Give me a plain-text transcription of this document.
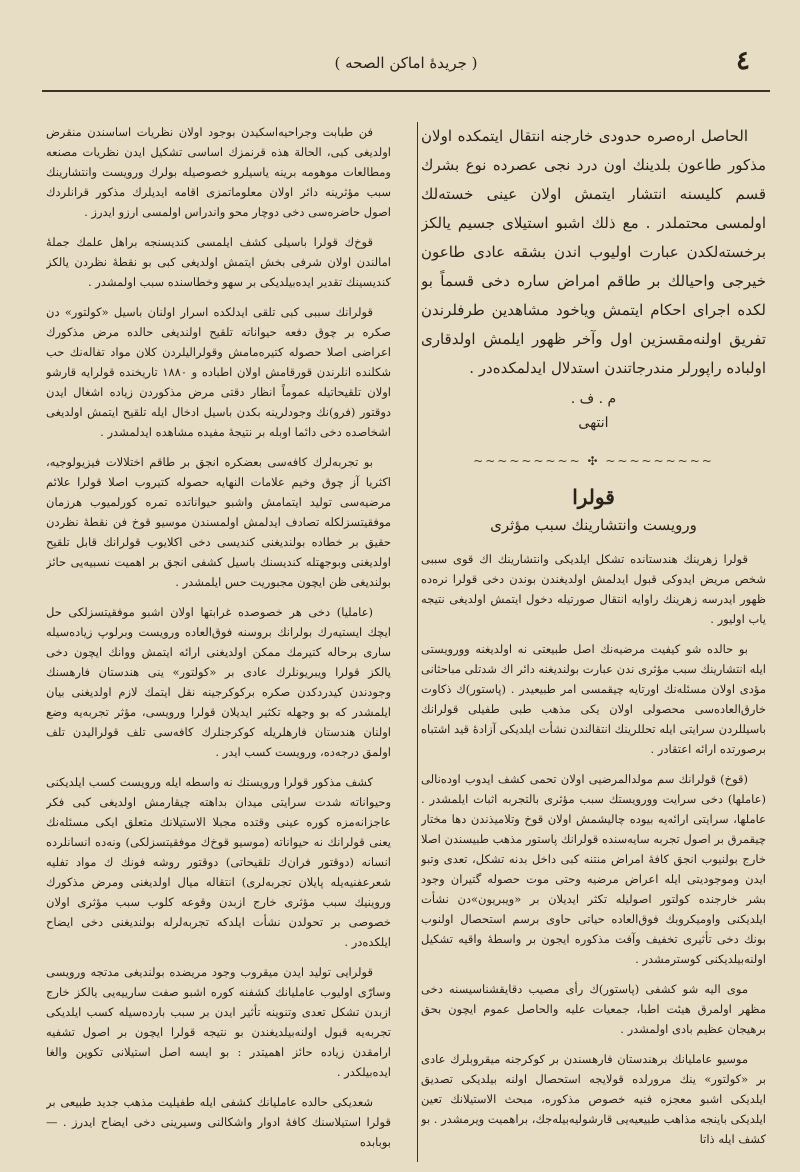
( جريدهٔ اماكن الصحه )	٤

الحاصل اره‌صره حدودی خارجنه انتقال ایتمکده اولان مذکور طاعون بلدینك اون درد نجی عصرده نوع بشرك قسم کلیسنه انتشار ایتمش اولان عینی خسته‌لك اولمسی محتملدر . مع ذلك اشبو استیلای جسیم یالکز برخسته‌لکدن عبارت اولیوب اندن بشقه عادی طاعون خیرجی واحیالك بر طاقم امراض ساره دخی قسماً بو لکده اجرای احکام ایتمش ویاخود مشاهدین طرفلرندن تفریق اولنه‌مقسزین اول وآخر ظهور ایلمش اولدقاری اولباده راپورلر مندرجاتندن استدلال ایدلمکده‌در .

م . ف .
انتهی
~~~~~~~~~ ✣ ~~~~~~~~~
قولرا
ورویست وانتشارینك سبب مؤثری

قولرا زهرینك هندستانده تشکل ایلدیکی وانتشارینك اك قوی سببی شخص مریض ایدوکی قبول ایدلمش اولدیغندن بوندن دخی قولرا نره‌ده ظهور ایدرسه زهرینك راوایه انتقال صورتیله دخول ایتمش اولدیغی نتیجه یاب اولیور .

بو حالده شو کیفیت مرضیه‌نك اصل طبیعتی نه اولدیغنه وورویستی ایله انتشارینك سبب مؤثری ندن عبارت بولندیغنه دائر اك شدتلی مباحثانی مؤدی اولان مسئله‌نك اورتایه چیقمسی امر طبیعیدر . (پاستور)ك ذکاوت خارق‌العاده‌سی محصولی اولان یکی مذهب طبی طفیلی قولرانك باسیللردن سرایتی ایله تحللرینك انتقالندن نشأت ایلدیکی آزادهٔ قید اشتباه برصورتده ارائه اعتقادر .

(قوخ) قولرانك سم مولدالمرضیی اولان تحمی کشف ایدوب اوده‌نالی (عاملها) دخی سرایت وورویستك سبب مؤثری بالتجربه اثبات ایلمشدر . عاملها، سرایتی ارائه‌یه بیوده چالیشمش اولان قوخ وتلامیذندن دها مختار چیقمرق بر اصول تجربه سایه‌سنده قولرانك پاستور مذهب طبیسندن اصلا خارج بولنیوب انجق کافهٔ امراض منتنه کبی داخل بدنه تشکل، تعدی وتبو ایدن وموجودیتی ایله اعراض مرضیه وحتی موت حصوله گتیران وجود بشر خارجنده کولتور اصولیله تکثر ایدیلان بر «ویبریون»دن نشأت ایلدیکنی واومیکروبك فوق‌العاده حیاتی حاوی برسم استحصال اولنوب بونك دخی تأثیری تخفیف وآفت مذکوره ایجون بر واسطهٔ واقیه تشکیل اولنه‌بیلدیکنی کوسترمشدر .

موی الیه شو کشفی (پاستور)ك رأی مصیب دقایقشناسیسنه دخی مظهر اولمرق هیئت اطبا، جمعیات علیه والحاصل عموم ایچون بحق برهیجان عظیم بادی اولمشدر .

موسیو عاملیانك برهندستان فارهسندن بر کوکرجنه میقروبلرك عادی بر «کولتور» ینك مرورلده قولایجه استحصال اولنه بیلدیکی تصدیق ایلدیکی اشبو معجزه فنیه خصوص مذکوره، مبحث الاستیلانك تعین ایلدیکی باینجه مذاهب طبیعیه‌یی قارشولیه‌بیله‌جك، براهمیت ویرمشدر . بو کشف ایله ذاتا

فن طبابت وجراحیه‌اسکیدن بوجود اولان نظریات اساسندن منقرض اولدیغی کبی، الحالة هذه قرنمزك اساسی تشکیل ایدن نظریات مصنعه ومطالعات موهومه برینه یاسیلرو خصوصیله بولرك ورویست وانتشارینك سبب مؤثرینه دائر اولان معلوماتمزی اقامه ایدیلرك مذکور قرانلردك اصول حاضره‌سی دخی دوچار محو واندراس اولمسی ارزو ایدرز .

قوخ‌ك قولرا باسیلی کشف ایلمسی کندیسنجه براهل علمك جملهٔ امالندن اولان شرفی بخش ایتمش اولدیغی کبی بو نقطهٔ نظردن یالکز کندیسینك تقدیر ایده‌بیلدیکی بر سهو وخطاسنده سبب اولمشدر .

قولرانك سببی کبی تلقی ایدلکده اسرار اولنان باسیل «کولتور» دن صکره بر چوق دفعه حیواناته تلقیح اولندیغی حالده مرض مذکورك اعراضی اصلا حصوله کتیره‌مامش وقولرالیلردن کلان مواد تفاله‌نك حب شکلنده انلرندن قورقامش اولان اطباده و ۱۸۸۰ تاریخنده قولرایه قارشو اولان تلقیحاتیله عموماً انظار دقتی مرض مذکوردن زیاده اشغال ایدن دوقتور (فرو)نك وجودلرینه بکدن باسیل ادخال ایله تلقیح ایتمش اولدیغی اشخاصده دخی دائما اوبله بر نتیجهٔ مفیده مشاهده ایدلمشدر .

بو تجربه‌لرك کافه‌سی بعضکره انجق بر طاقم اختلالات فیزیولوجیه، اکثریا آز چوق وخیم علامات النهایه حصوله کتیروب اصلا قولرا علائم مرضیه‌سی تولید ایتمامش واشبو حیواناتده تمره کورلمیوب هرزمان موفقیتسزلکله تصادف ایدلمش اولمسندن موسیو قوخ فن نقطهٔ نظردن حقیق بر خطاده بولندیغنی کندیسی دخی اکلایوب قولرانك قابل تلقیح اولدیغنی وبوجهتله کندیسنك باسیل کشفی انجق بر اهمیت نسبیه‌یی حائز بولندیغی ظن ایچون مجبوریت حس ایلمشدر .

(عاملیا) دخی هر خصوصده غرابتها اولان اشبو موفقیتسزلکی حل ایچك ایستیه‌رك بولرانك بروسنه فوق‌العاده ورویست وبرلوپ زیاده‌سیله ساری برحاله کتیرمك ممکن اولدیغنی ارائه ایتمش ووانك ایچون دخی یالکز قولرا ویبریونلرك عادی بر «کولتور» ینی هندستان فارهسنك وجودندن کیدردکدن صکره برکوکرجینه نقل ایتمك لازم اولدیغنی بیان ایلمشدر که بو وجهله تکثیر ایدیلان قولرا ورویسی، مؤثر تجربه‌یه وضع اولنان هندستان فارهلریله کوکرجنلرك کافه‌سی تلف قولرالیدن تلف اولمق درجه‌ده، ورویست کسب ایدر .

کشف مذکور قولرا ورویستك نه واسطه ایله ورویست کسب ایلدیکنی وحیواناته شدت سرایتی میدان بداهته چیقارمش اولدیغی کبی فکر عاجزانه‌مزه کوره عینی وقتده مجبلا الاستیلانك متعلق ایکی مسئله‌نك یعنی قولرانك نه حیواناته (موسیو قوخ‌ك موفقیتسزلکی) ونه‌ده انسانلرده‌ انسانه (دوقتور فران‌ك تلقیحاتی) دوقتور روشه فونك ك مواد تفلیه شعرعفنیه‌یله پایلان تجربه‌لری) انتقاله میال اولدیغنی ومرض مذکورك وروینیك سبب مؤثری خارج ازبدن وقوعه کلوب سبب مؤثری اولان خصوصی بر تحولدن نشأت ایلدکه تجربه‌لرله بولندیغنی دخی ایضاح ایلکده‌در .

قولرایی تولید ایدن میقروب وجود مریضده بولندیغی مدتجه ورویسی وسارّی اولیوب عاملیانك کشفنه کوره اشبو صفت سارییه‌یی یالکز خارج ازبدن تشکل تعدی وتنوینه تأثیر ایدن بر سبب بارده‌سیله کسب ایلدیکی تجربه‌یه قبول اولنه‌بیلدیغندن بو نتیجه قولرا ایچون بر اصول تشفیه ارامقدن زیاده حائز اهمیتدر : بو ایسه اصل استیلانی تکوین والغا ایده‌بیلکدر .

شعدیکی حالده عاملیانك کشفی ایله طفیلیت مذهب جدید طبیعی بر قولرا استیلاسنك کافهٔ ادوار واشکالنی وسیرینی دخی ایضاح ایدرز . — بوبابده
